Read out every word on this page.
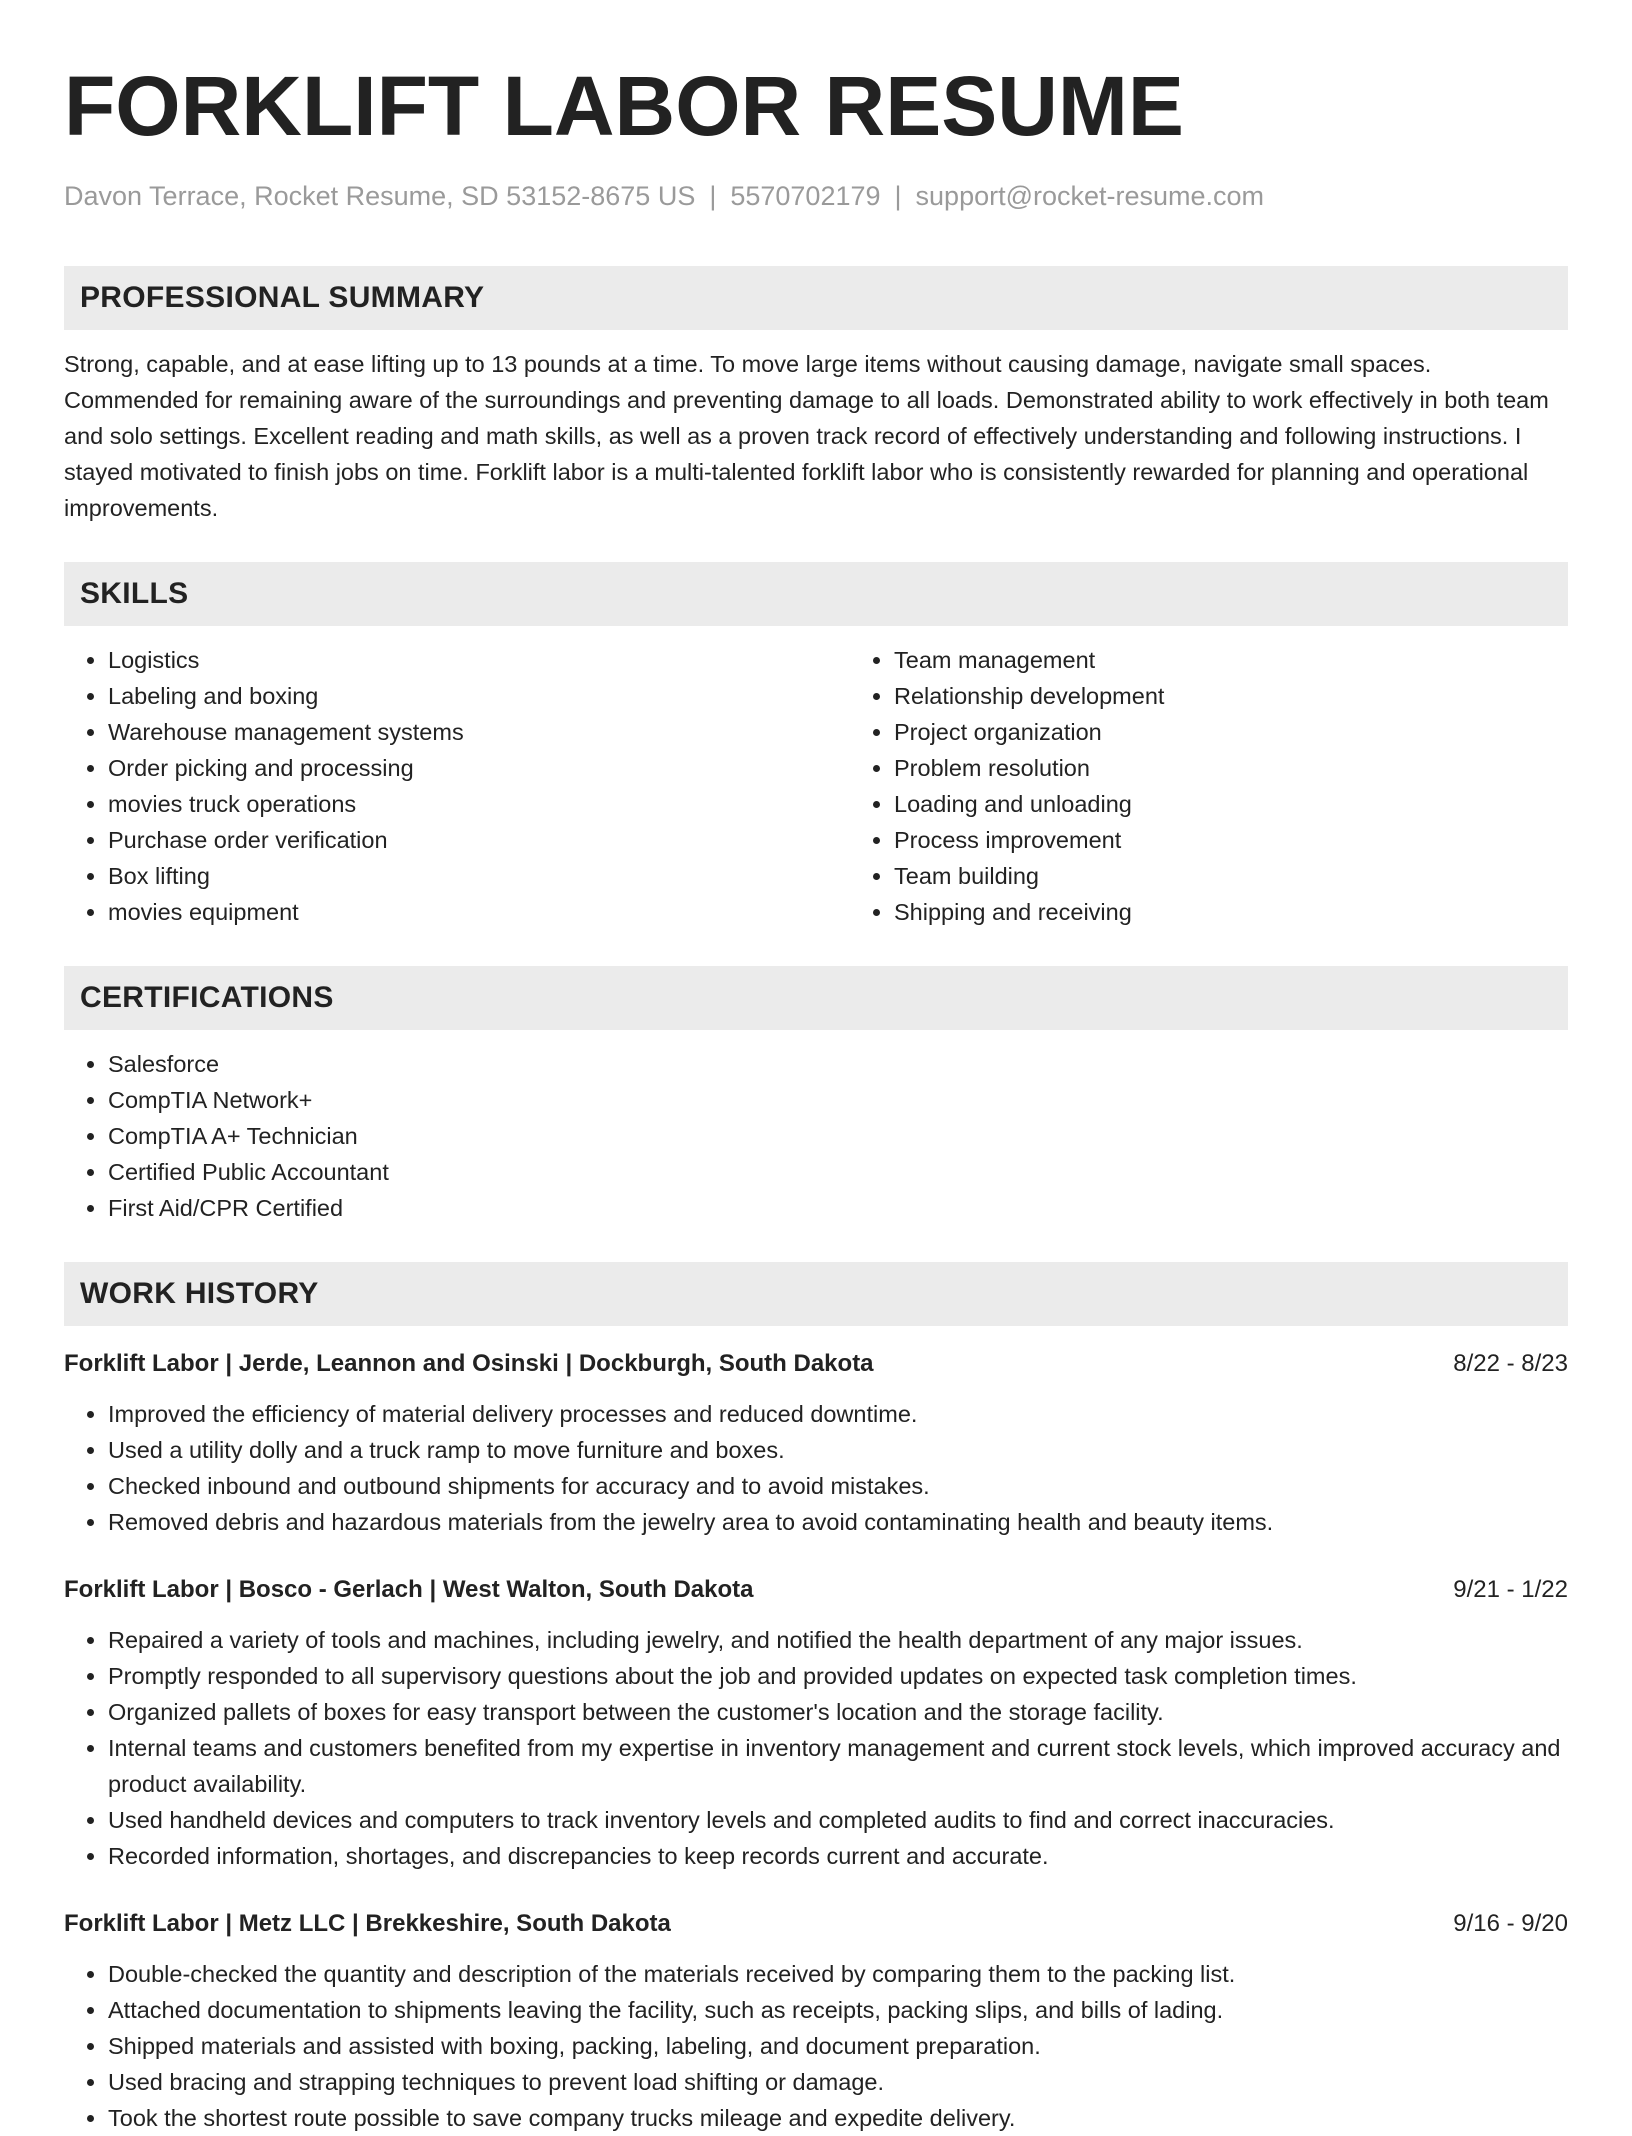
FORKLIFT LABOR RESUME
Davon Terrace, Rocket Resume, SD 53152-8675 US | 5570702179 | support@rocket-resume.com
PROFESSIONAL SUMMARY

Strong, capable, and at ease lifting up to 13 pounds at a time. To move large items without causing damage, navigate small spaces. Commended for remaining aware of the surroundings and preventing damage to all loads. Demonstrated ability to work effectively in both team and solo settings. Excellent reading and math skills, as well as a proven track record of effectively understanding and following instructions. I stayed motivated to finish jobs on time. Forklift labor is a multi-talented forklift labor who is consistently rewarded for planning and operational improvements.

SKILLS
• Logistics
• Labeling and boxing
• Warehouse management systems
• Order picking and processing
• movies truck operations
• Purchase order verification
• Box lifting
• movies equipment
• Team management
• Relationship development
• Project organization
• Problem resolution
• Loading and unloading
• Process improvement
• Team building
• Shipping and receiving
CERTIFICATIONS
• Salesforce
• CompTIA Network+
• CompTIA A+ Technician
• Certified Public Accountant
• First Aid/CPR Certified
WORK HISTORY
Forklift Labor | Jerde, Leannon and Osinski | Dockburgh, South Dakota	8/22 - 8/23
• Improved the efficiency of material delivery processes and reduced downtime.
• Used a utility dolly and a truck ramp to move furniture and boxes.
• Checked inbound and outbound shipments for accuracy and to avoid mistakes.
• Removed debris and hazardous materials from the jewelry area to avoid contaminating health and beauty items.
Forklift Labor | Bosco - Gerlach | West Walton, South Dakota	9/21 - 1/22
• Repaired a variety of tools and machines, including jewelry, and notified the health department of any major issues.
• Promptly responded to all supervisory questions about the job and provided updates on expected task completion times.
• Organized pallets of boxes for easy transport between the customer's location and the storage facility.
• Internal teams and customers benefited from my expertise in inventory management and current stock levels, which improved accuracy and product availability.
• Used handheld devices and computers to track inventory levels and completed audits to find and correct inaccuracies.
• Recorded information, shortages, and discrepancies to keep records current and accurate.
Forklift Labor | Metz LLC | Brekkeshire, South Dakota	9/16 - 9/20
• Double-checked the quantity and description of the materials received by comparing them to the packing list.
• Attached documentation to shipments leaving the facility, such as receipts, packing slips, and bills of lading.
• Shipped materials and assisted with boxing, packing, labeling, and document preparation.
• Used bracing and strapping techniques to prevent load shifting or damage.
• Took the shortest route possible to save company trucks mileage and expedite delivery.
